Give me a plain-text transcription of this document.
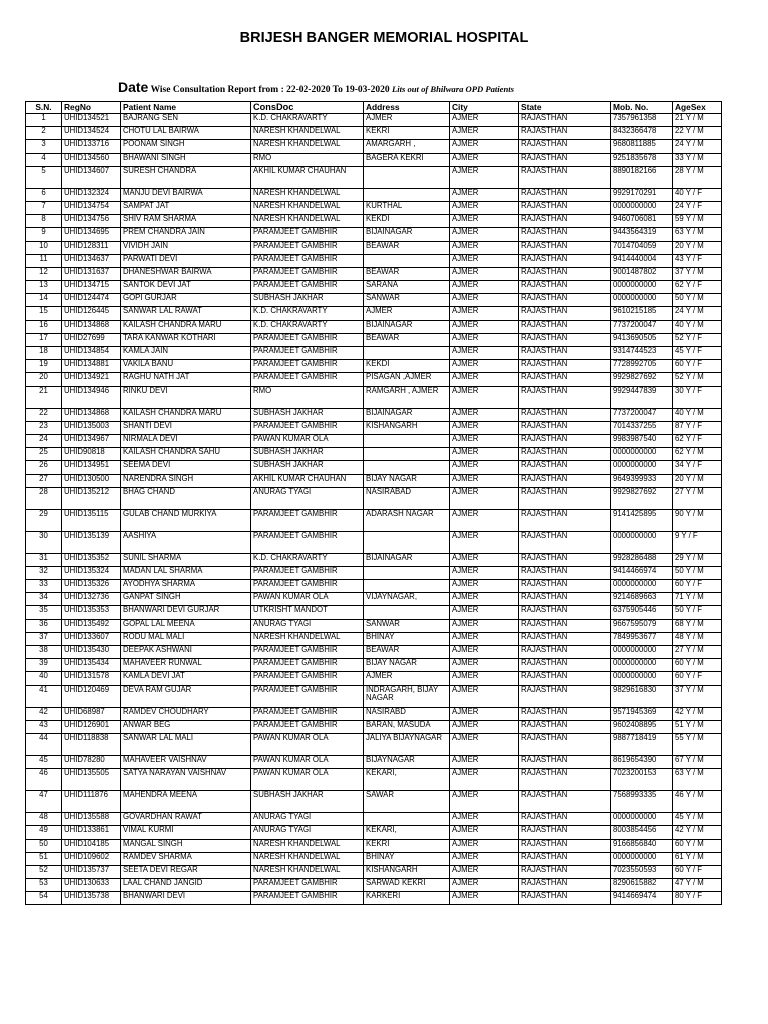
BRIJESH BANGER MEMORIAL HOSPITAL
Date Wise Consultation Report from : 22-02-2020 To 19-03-2020 Lits out of Bhilwara OPD Patients
S.N.	RegNo	Patient Name	ConsDoc	Address	City	State	Mob. No.	AgeSex
1	UHID134521	BAJRANG SEN	K.D. CHAKRAVARTY	AJMER	AJMER	RAJASTHAN	7357961358	21 Y / M
2	UHID134524	CHOTU LAL BAIRWA	NARESH KHANDELWAL	KEKRI	AJMER	RAJASTHAN	8432366478	22 Y / M
3	UHID133716	POONAM SINGH	NARESH KHANDELWAL	AMARGARH ,	AJMER	RAJASTHAN	9680811885	24 Y / M
4	UHID134560	BHAWANI SINGH	RMO	BAGERA KEKRI	AJMER	RAJASTHAN	9251835678	33 Y / M
5	UHID134607	SURESH CHANDRA	AKHIL KUMAR CHAUHAN		AJMER	RAJASTHAN	8890182166	28 Y / M
6	UHID132324	MANJU DEVI BAIRWA	NARESH KHANDELWAL		AJMER	RAJASTHAN	9929170291	40 Y / F
7	UHID134754	SAMPAT JAT	NARESH KHANDELWAL	KURTHAL	AJMER	RAJASTHAN	0000000000	24 Y / F
8	UHID134756	SHIV RAM SHARMA	NARESH KHANDELWAL	KEKDI	AJMER	RAJASTHAN	9460706081	59 Y / M
9	UHID134695	PREM CHANDRA JAIN	PARAMJEET GAMBHIR	BIJAINAGAR	AJMER	RAJASTHAN	9443564319	63 Y / M
10	UHID128311	VIVIDH JAIN	PARAMJEET GAMBHIR	BEAWAR	AJMER	RAJASTHAN	7014704059	20 Y / M
11	UHID134637	PARWATI DEVI	PARAMJEET GAMBHIR		AJMER	RAJASTHAN	9414440004	43 Y / F
12	UHID131637	DHANESHWAR BAIRWA	PARAMJEET GAMBHIR	BEAWAR	AJMER	RAJASTHAN	9001487802	37 Y / M
13	UHID134715	SANTOK DEVI JAT	PARAMJEET GAMBHIR	SARANA	AJMER	RAJASTHAN	0000000000	62 Y / F
14	UHID124474	GOPI GURJAR	SUBHASH JAKHAR	SANWAR	AJMER	RAJASTHAN	0000000000	50 Y / M
15	UHID126445	SANWAR LAL RAWAT	K.D. CHAKRAVARTY	AJMER	AJMER	RAJASTHAN	9610215185	24 Y / M
16	UHID134868	KAILASH CHANDRA MARU	K.D. CHAKRAVARTY	BIJAINAGAR	AJMER	RAJASTHAN	7737200047	40 Y / M
17	UHID27699	TARA KANWAR KOTHARI	PARAMJEET GAMBHIR	BEAWAR	AJMER	RAJASTHAN	9413690505	52 Y / F
18	UHID134854	KAMLA JAIN	PARAMJEET GAMBHIR		AJMER	RAJASTHAN	9314744523	45 Y / F
19	UHID134881	VAKILA BANU	PARAMJEET GAMBHIR	KEKDI	AJMER	RAJASTHAN	7728992705	60 Y / F
20	UHID134921	RAGHU NATH JAT	PARAMJEET GAMBHIR	PISAGAN ,AJMER	AJMER	RAJASTHAN	9929827692	52 Y / M
21	UHID134946	RINKU DEVI	RMO	RAMGARH , AJMER	AJMER	RAJASTHAN	9929447839	30 Y / F
22	UHID134868	KAILASH CHANDRA MARU	SUBHASH JAKHAR	BIJAINAGAR	AJMER	RAJASTHAN	7737200047	40 Y / M
23	UHID135003	SHANTI DEVI	PARAMJEET GAMBHIR	KISHANGARH	AJMER	RAJASTHAN	7014337255	87 Y / F
24	UHID134967	NIRMALA DEVI	PAWAN KUMAR OLA		AJMER	RAJASTHAN	9983987540	62 Y / F
25	UHID90818	KAILASH CHANDRA SAHU	SUBHASH JAKHAR		AJMER	RAJASTHAN	0000000000	62 Y / M
26	UHID134951	SEEMA DEVI	SUBHASH JAKHAR		AJMER	RAJASTHAN	0000000000	34 Y / F
27	UHID130500	NARENDRA SINGH	AKHIL KUMAR CHAUHAN	BIJAY NAGAR	AJMER	RAJASTHAN	9649399933	20 Y / M
28	UHID135212	BHAG CHAND	ANURAG TYAGI	NASIRABAD	AJMER	RAJASTHAN	9929827692	27 Y / M
29	UHID135115	GULAB CHAND MURKIYA	PARAMJEET GAMBHIR	ADARASH NAGAR	AJMER	RAJASTHAN	9141425895	90 Y / M
30	UHID135139	AASHIYA	PARAMJEET GAMBHIR		AJMER	RAJASTHAN	0000000000	9 Y / F
31	UHID135352	SUNIL SHARMA	K.D. CHAKRAVARTY	BIJAINAGAR	AJMER	RAJASTHAN	9928286488	29 Y / M
32	UHID135324	MADAN LAL SHARMA	PARAMJEET GAMBHIR		AJMER	RAJASTHAN	9414466974	50 Y / M
33	UHID135326	AYODHYA SHARMA	PARAMJEET GAMBHIR		AJMER	RAJASTHAN	0000000000	60 Y / F
34	UHID132736	GANPAT SINGH	PAWAN KUMAR OLA	VIJAYNAGAR,	AJMER	RAJASTHAN	9214689663	71 Y / M
35	UHID135353	BHANWARI DEVI GURJAR	UTKRISHT MANDOT		AJMER	RAJASTHAN	6375905446	50 Y / F
36	UHID135492	GOPAL LAL MEENA	ANURAG TYAGI	SANWAR	AJMER	RAJASTHAN	9667595079	68 Y / M
37	UHID133607	RODU MAL MALI	NARESH KHANDELWAL	BHINAY	AJMER	RAJASTHAN	7849953677	48 Y / M
38	UHID135430	DEEPAK ASHWANI	PARAMJEET GAMBHIR	BEAWAR	AJMER	RAJASTHAN	0000000000	27 Y / M
39	UHID135434	MAHAVEER RUNWAL	PARAMJEET GAMBHIR	BIJAY NAGAR	AJMER	RAJASTHAN	0000000000	60 Y / M
40	UHID131578	KAMLA DEVI JAT	PARAMJEET GAMBHIR	AJMER	AJMER	RAJASTHAN	0000000000	60 Y / F
41	UHID120469	DEVA RAM GUJAR	PARAMJEET GAMBHIR	INDRAGARH, BIJAY NAGAR	AJMER	RAJASTHAN	9829616830	37 Y / M
42	UHID68987	RAMDEV CHOUDHARY	PARAMJEET GAMBHIR	NASIRABD	AJMER	RAJASTHAN	9571945369	42 Y / M
43	UHID126901	ANWAR BEG	PARAMJEET GAMBHIR	BARAN, MASUDA	AJMER	RAJASTHAN	9602408895	51 Y / M
44	UHID118838	SANWAR LAL MALI	PAWAN KUMAR OLA	JALIYA BIJAYNAGAR	AJMER	RAJASTHAN	9887718419	55 Y / M
45	UHID78280	MAHAVEER VAISHNAV	PAWAN KUMAR OLA	BIJAYNAGAR	AJMER	RAJASTHAN	8619654390	67 Y / M
46	UHID135505	SATYA NARAYAN VAISHNAV	PAWAN KUMAR OLA	KEKARI,	AJMER	RAJASTHAN	7023200153	63 Y / M
47	UHID111876	MAHENDRA MEENA	SUBHASH JAKHAR	SAWAR	AJMER	RAJASTHAN	7568993335	46 Y / M
48	UHID135588	GOVARDHAN RAWAT	ANURAG TYAGI		AJMER	RAJASTHAN	0000000000	45 Y / M
49	UHID133861	VIMAL KURMI	ANURAG TYAGI	KEKARI,	AJMER	RAJASTHAN	8003854456	42 Y / M
50	UHID104185	MANGAL SINGH	NARESH KHANDELWAL	KEKRI	AJMER	RAJASTHAN	9166856840	60 Y / M
51	UHID109602	RAMDEV SHARMA	NARESH KHANDELWAL	BHINAY	AJMER	RAJASTHAN	0000000000	61 Y / M
52	UHID135737	SEETA DEVI REGAR	NARESH KHANDELWAL	KISHANGARH	AJMER	RAJASTHAN	7023550593	60 Y / F
53	UHID130633	LAAL CHAND JANGID	PARAMJEET GAMBHIR	SARWAD KEKRI	AJMER	RAJASTHAN	8290615882	47 Y / M
54	UHID135738	BHANWARI DEVI	PARAMJEET GAMBHIR	KARKERI	AJMER	RAJASTHAN	9414669474	80 Y / F
